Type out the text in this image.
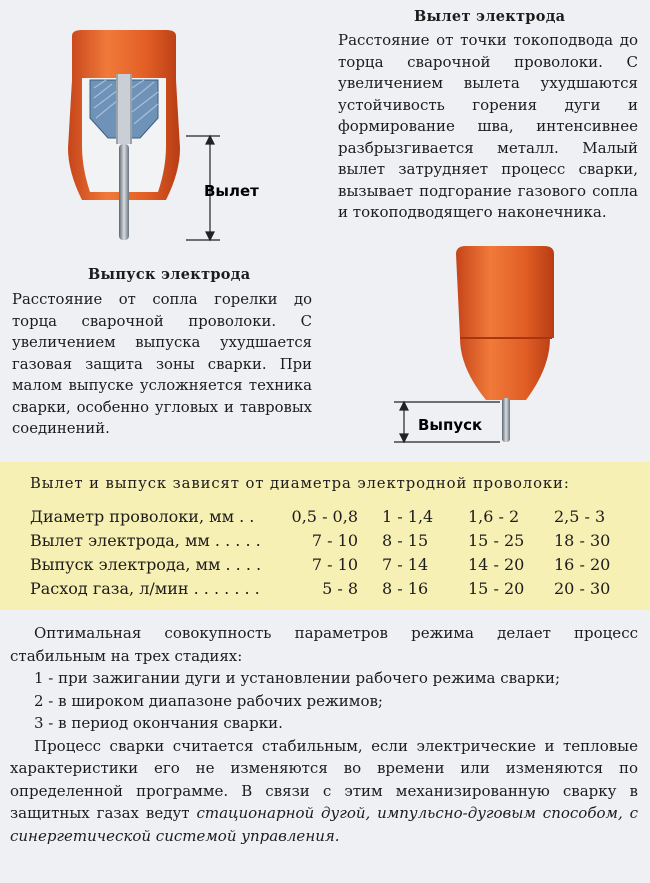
Вылет
Выпуск
Вылет электрода
Расстояние от точки токоподвода до торца сварочной проволоки. С увеличением вылета ухудшаются устойчивость горения дуги и формирование шва, интенсивнее разбрызгивается металл. Малый вылет затрудняет процесс сварки, вызывает подгорание газового сопла и токоподводящего наконечника.
Выпуск электрода
Расстояние от сопла горелки до торца сварочной проволоки. С увеличением выпуска ухудшается газовая защита зоны сварки. При малом выпуске усложняется техника сварки, особенно угловых и тавровых соединений.
Вылет и выпуск зависят от диаметра электродной проволоки:
Диаметр проволоки, мм . .	0,5 - 0,8 1 - 1,4 1,6 - 2 2,5 - 3
Вылет электрода, мм . . . . .	7 - 10 8 - 15 15 - 25 18 - 30
Выпуск электрода, мм . . . .	7 - 10 7 - 14 14 - 20 16 - 20
Расход газа, л/мин . . . . . . .	5 - 8 8 - 16 15 - 20 20 - 30

Оптимальная совокупность параметров режима делает процесс стабильным на трех стадиях:

1 - при зажигании дуги и установлении рабочего режима сварки;

2 - в широком диапазоне рабочих режимов;

3 - в период окончания сварки.

Процесс сварки считается стабильным, если электрические и тепловые характеристики его не изменяются во времени или изменяются по определенной программе. В связи с этим механизированную сварку в защитных газах ведут стационарной дугой, импульсно-дуговым способом, с синергетической системой управления.
